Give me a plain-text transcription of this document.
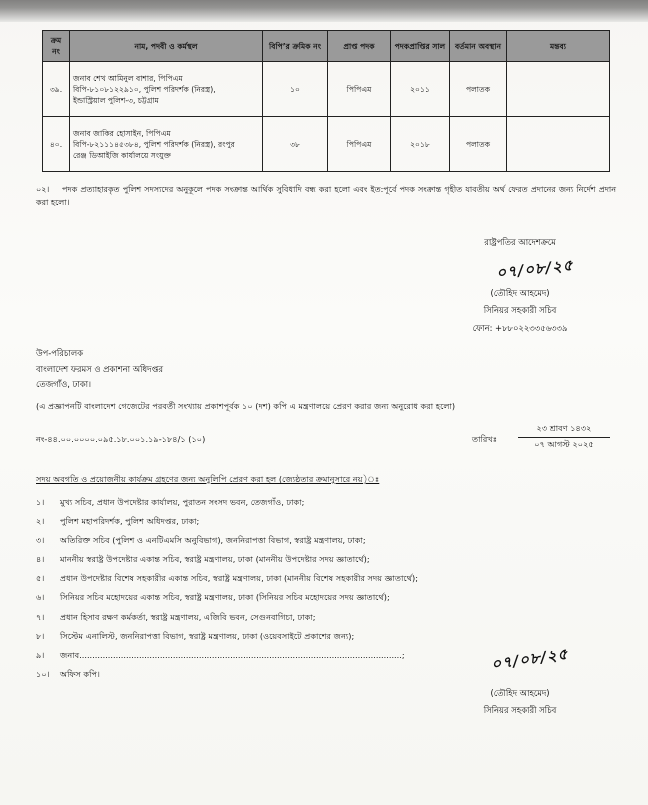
ক্রম নং	নাম, পদবী ও কর্মস্থল	বিপি’র ক্রমিক নং	প্রাপ্ত পদক	পদকপ্রাপ্তির সাল	বর্তমান অবস্থান	মন্তব্য
৩৯.	জনাব শেখ আমিনুল বাশার, পিপিএম
বিপি-৮১০৮১২২৯১০, পুলিশ পরিদর্শক (নিরস্ত্র),
ইন্ডাস্ট্রিয়াল পুলিশ-৩, চট্টগ্রাম	১০	পিপিএম	২০১১	পলাতক	
৪০.	জনাব জাকির হোসাইন, পিপিএম
বিপি-৮২১১১৪৫৩৮৪, পুলিশ পরিদর্শক (নিরস্ত্র), রংপুর
রেঞ্জ ডিআইজি কার্যালয়ে সংযুক্ত	৩৮	পিপিএম	২০১৮	পলাতক	
০২। পদক প্রত্যাহারকৃত পুলিশ সদস্যদের অনুকূলে পদক সংক্রান্ত আর্থিক সুবিধাদি বন্ধ করা হলো এবং ইত:পূর্বে পদক সংক্রান্ত গৃহীত যাবতীয় অর্থ ফেরত প্রদানের জন্য নির্দেশ প্রদান করা হলো।
রাষ্ট্রপতির আদেশক্রমে
০৭/০৮/২৫
(তৌহিদ আহমেদ)
সিনিয়র সহকারী সচিব
ফোন: +৮৮০২২৩৩৫৬৩৩৯
উপ-পরিচালক
বাংলাদেশ ফরমস ও প্রকাশনা অধিদপ্তর
তেজগাঁও, ঢাকা।
(এ প্রজ্ঞাপনটি বাংলাদেশ গেজেটের পরবর্তী সংখ্যায় প্রকাশপূর্বক ১০ (দশ) কপি এ মন্ত্রণালয়ে প্রেরণ করার জন্য অনুরোধ করা হলো)
নং-৪৪.০০.০০০০.০৯৫.১৮.০০১.১৯-১৮৪/১ (১০)	তারিখঃ
২৩ শ্রাবণ ১৪৩২
০৭ আগস্ট ২০২৫
সদয় অবগতি ও প্রয়োজনীয় কার্যক্রম গ্রহণের জন্য অনুলিপি প্রেরণ করা হল (জ্যেষ্ঠতার ক্রমানুসারে নয়)ঃ
১। মুখ্য সচিব, প্রধান উপদেষ্টার কার্যালয়, পুরাতন সংসদ ভবন, তেজগাঁও, ঢাকা;
২। পুলিশ মহাপরিদর্শক, পুলিশ অধিদপ্তর, ঢাকা;
৩। অতিরিক্ত সচিব (পুলিশ ও এনটিএমসি অনুবিভাগ), জননিরাপত্তা বিভাগ, স্বরাষ্ট্র মন্ত্রণালয়, ঢাকা;
৪। মাননীয় স্বরাষ্ট্র উপদেষ্টার একান্ত সচিব, স্বরাষ্ট্র মন্ত্রণালয়, ঢাকা (মাননীয় উপদেষ্টার সদয় জ্ঞাতার্থে);
৫। প্রধান উপদেষ্টার বিশেষ সহকারীর একান্ত সচিব, স্বরাষ্ট্র মন্ত্রণালয়, ঢাকা (মাননীয় বিশেষ সহকারীর সদয় জ্ঞাতার্থে);
৬। সিনিয়র সচিব মহোদয়ের একান্ত সচিব, স্বরাষ্ট্র মন্ত্রণালয়, ঢাকা (সিনিয়র সচিব মহোদয়ের সদয় জ্ঞাতার্থে);
৭। প্রধান হিসাব রক্ষণ কর্মকর্তা, স্বরাষ্ট্র মন্ত্রণালয়, এজিবি ভবন, সেগুনবাগিচা, ঢাকা;
৮। সিস্টেম এনালিস্ট, জননিরাপত্তা বিভাগ, স্বরাষ্ট্র মন্ত্রণালয়, ঢাকা (ওয়েবসাইটে প্রকাশের জন্য);
৯। জনাব............................................................................................................................;
১০। অফিস কপি।
০৭/০৮/২৫
(তৌহিদ আহমেদ)
সিনিয়র সহকারী সচিব
